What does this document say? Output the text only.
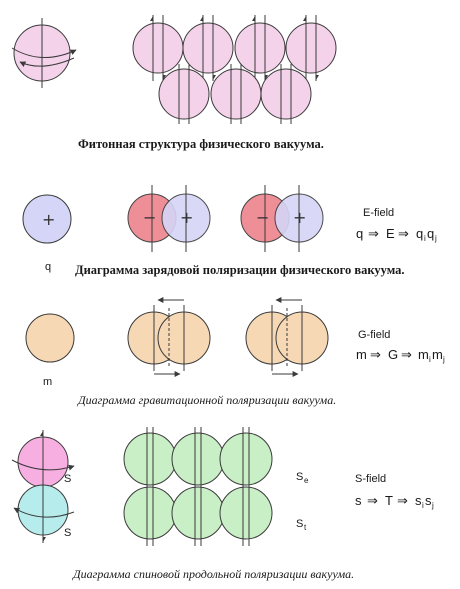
Фитонная структура физического вакуума.
+
q
− +	− +	E-field
q ⇒ E ⇒ q i q j
Диаграмма зарядовой поляризации физического вакуума.
m
G-field
m ⇒ G ⇒ m i m j
Диаграмма гравитационной поляризации вакуума.
S
S
S e
S t
S-field
s ⇒ T ⇒ s i s j
Диаграмма спиновой продольной поляризации вакуума.
